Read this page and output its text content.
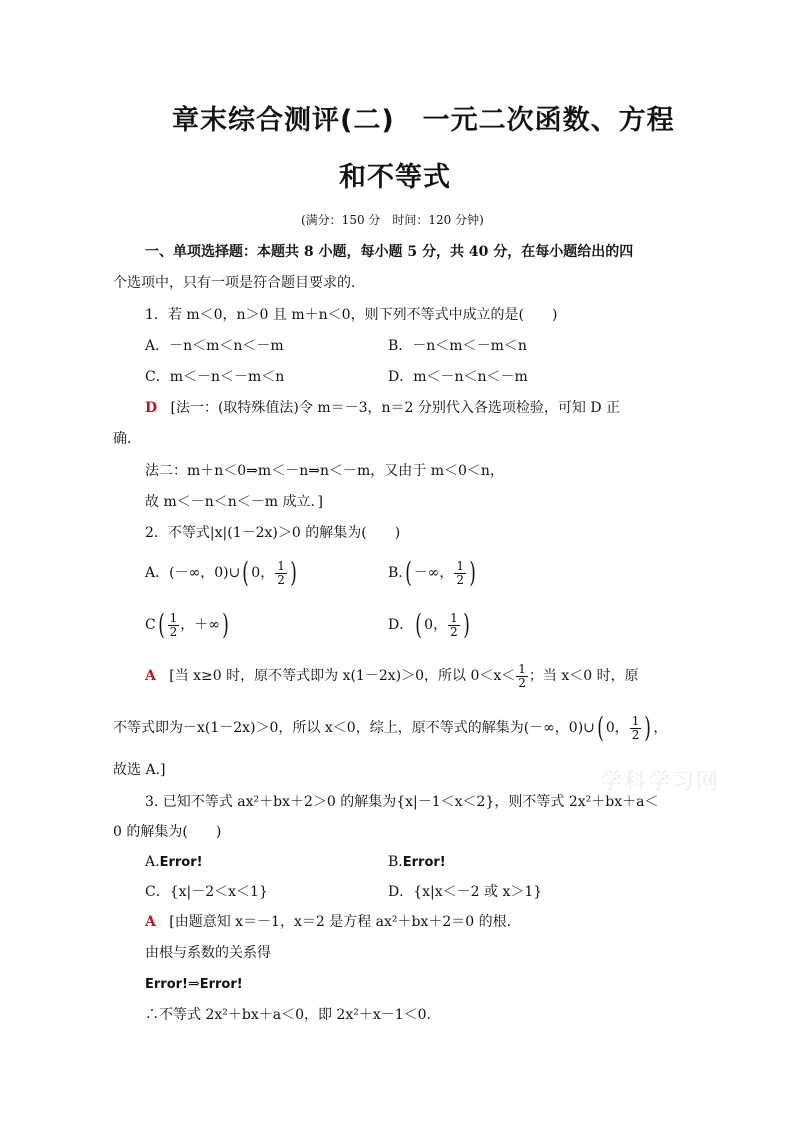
章末综合测评(二)　一元二次函数、方程
和不等式
(满分：150 分　时间：120 分钟)
一、单项选择题：本题共 8 小题，每小题 5 分，共 40 分，在每小题给出的四
个选项中，只有一项是符合题目要求的．
1．若 m＜0，n＞0 且 m＋n＜0，则下列不等式中成立的是(　　)
A．－n＜m＜n＜－m	B．－n＜m＜－m＜n
C．m＜－n＜－m＜n	D．m＜－n＜n＜－m
D [法一：(取特殊值法)令 m＝－3，n＝2 分别代入各选项检验，可知 D 正
确．
法二：m＋n＜0⇒m＜－n⇒n＜－m，又由于 m＜0＜n，
故 m＜－n＜n＜－m 成立．]
2．不等式|x|(1－2x)＞0 的解集为(　　)
A．(－∞，0)∪( 0， $\frac{1}{2}$ )	B.( －∞， $\frac{1}{2}$ )
$C( \frac{1}{2}$ ，＋∞)	D．( 0， $\frac{1}{2}$ )
A [当 x≥0 时，原不等式即为 x(1－2x)＞0，所以 $0<x< \frac{1}{2}$ ；当 x＜0 时，原
不等式即为－x(1－2x)＞0，所以 x＜0，综上，原不等式的解集为(－∞，0)∪( 0， $\frac{1}{2}$ ) ，
故选 A.]	学科学习网
3. 已知不等式 ax²＋bx＋2＞0 的解集为{x|－1＜x＜2}，则不等式 2x²＋bx＋a＜
0 的解集为(　　)
A.Error!	B.Error!
C．{x|－2＜x＜1}	D．{x|x＜－2 或 x＞1}
A [由题意知 x＝－1，x＝2 是方程 ax²＋bx＋2＝0 的根．
由根与系数的关系得
Error!⇒Error!
∴不等式 2x²＋bx＋a＜0，即 2x²＋x－1＜0.
